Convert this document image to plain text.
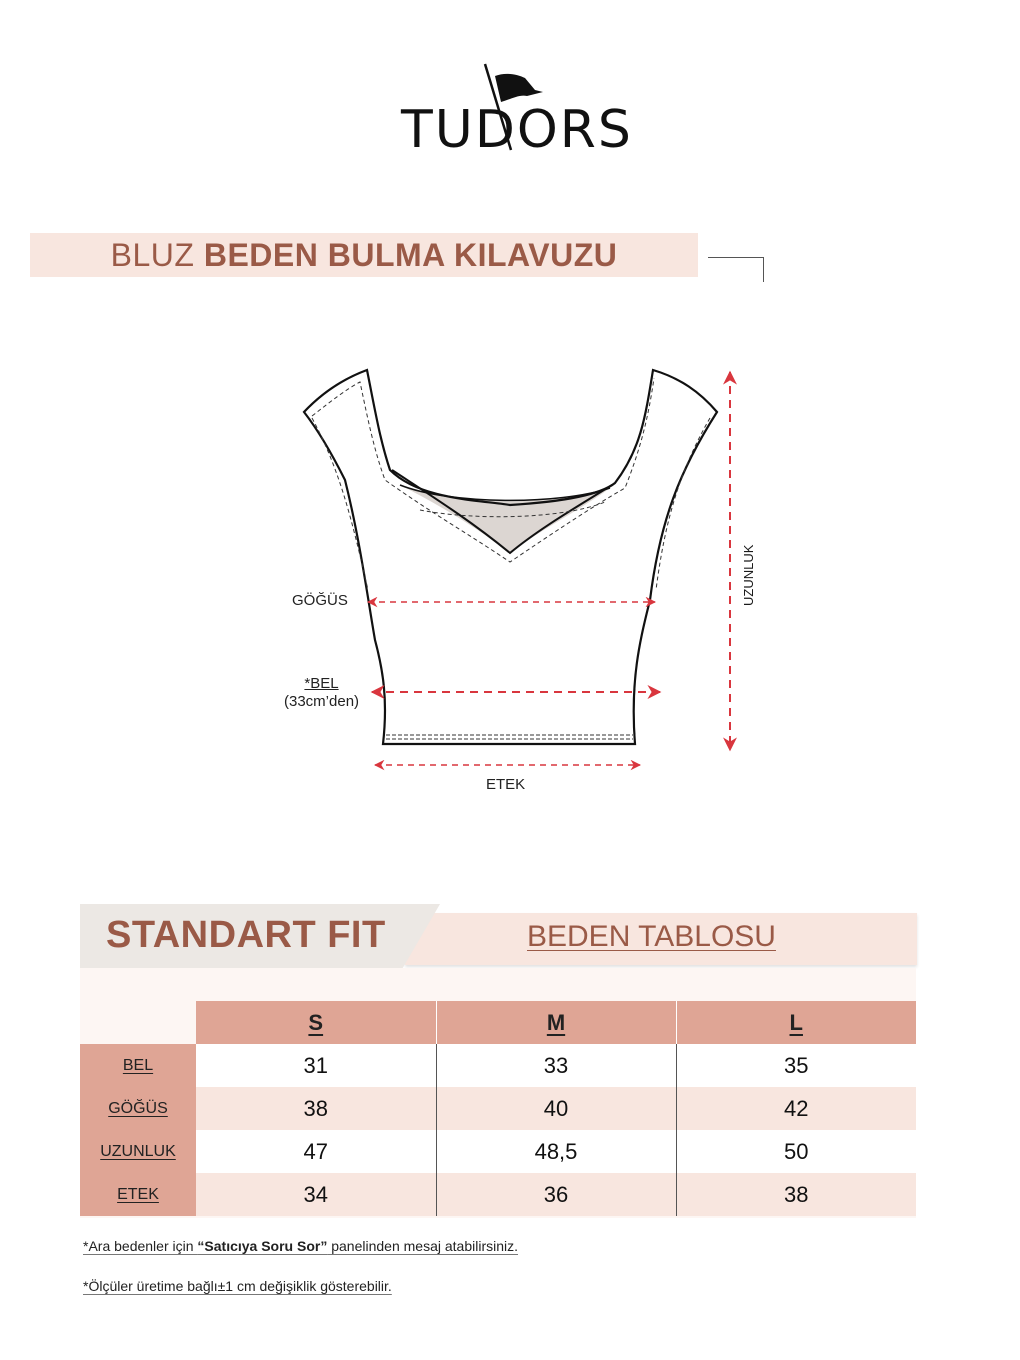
TUDORS
BLUZ BEDEN BULMA KILAVUZU
GÖĞÜS
*BEL
(33cm’den)
ETEK
UZUNLUK
STANDART FIT	BEDEN TABLOSU
	S	M	L
BEL	31	33	35
GÖĞÜS	38	40	42
UZUNLUK	47	48,5	50
ETEK	34	36	38
*Ara bedenler için “Satıcıya Soru Sor” panelinden mesaj atabilirsiniz.
*Ölçüler üretime bağlı±1 cm değişiklik gösterebilir.
